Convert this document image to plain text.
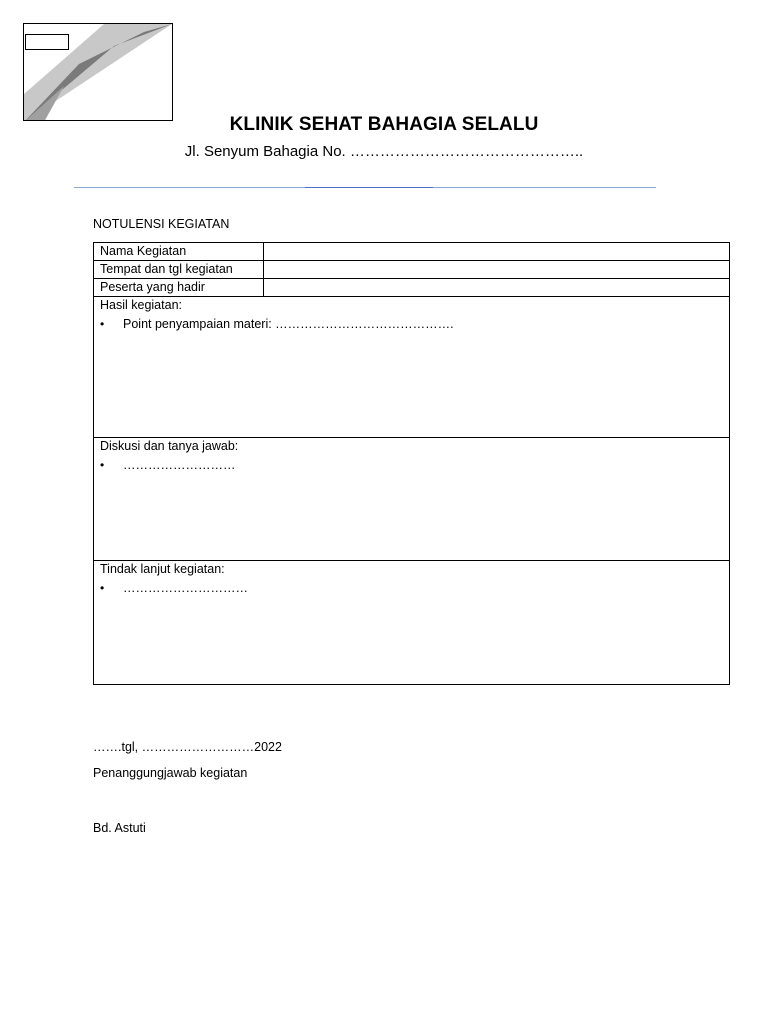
KLINIK SEHAT BAHAGIA SELALU
Jl. Senyum Bahagia No. ………………………………………..
NOTULENSI KEGIATAN
Nama Kegiatan	
Tempat dan tgl kegiatan	
Peserta yang hadir	

Hasil kegiatan:
• Point penyampaian materi: …………………………………….	

Diskusi dan tanya jawab:
• ………………………	

Tindak lanjut kegiatan:
• …………………………	
…….tgl, ………………………2022
Penanggungjawab kegiatan
Bd. Astuti
